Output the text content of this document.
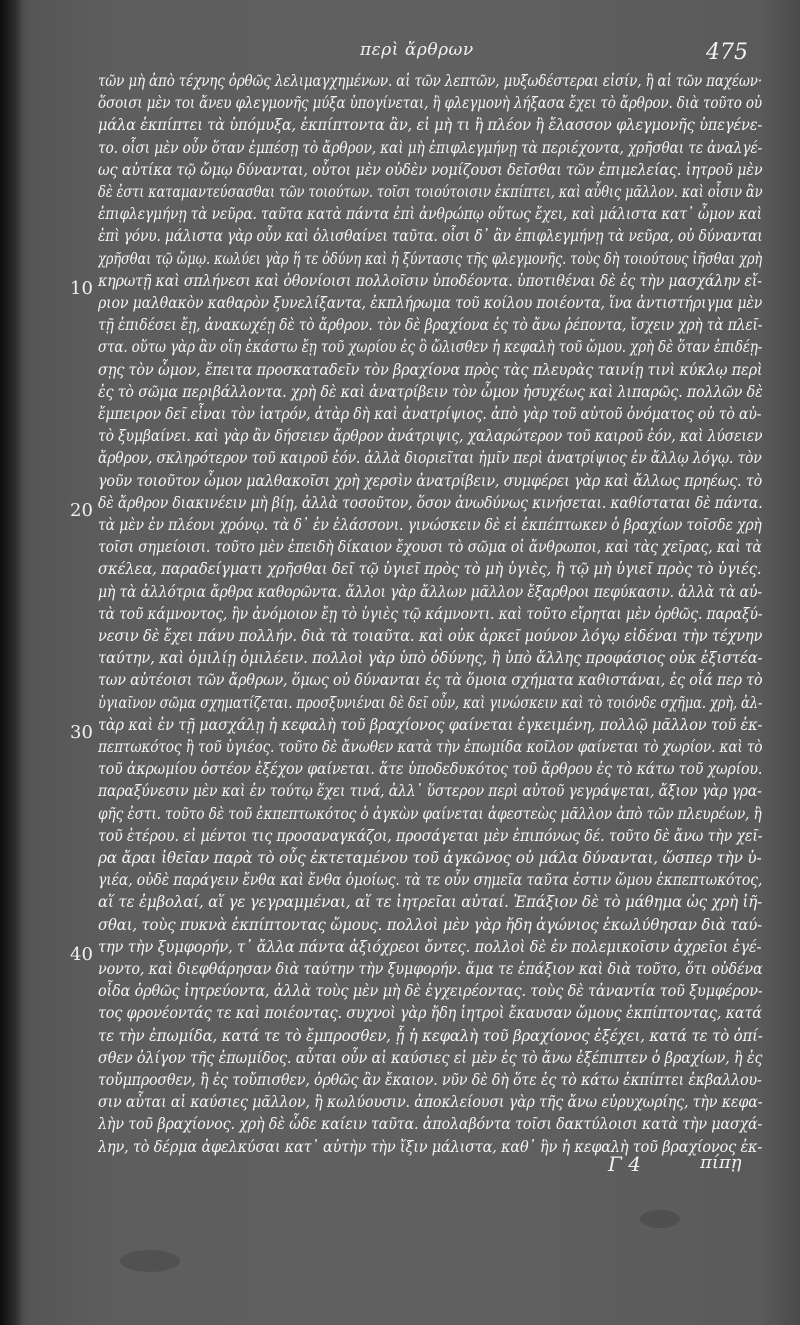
περὶ ἄρθρων	475
τῶν μὴ ἀπὸ τέχνης ὀρθῶς λελιμαγχημένων. αἱ τῶν λεπτῶν, μυξωδέστεραι εἰσίν, ἢ αἱ τῶν παχέων·
ὅσοισι μὲν τοι ἄνευ φλεγμονῆς μύξα ὑπογίνεται, ἢ φλεγμονὴ λήξασα ἔχει τὸ ἄρθρον. διὰ τοῦτο οὐ
μάλα ἐκπίπτει τὰ ὑπόμυξα, ἐκπίπτοντα ἂν, εἰ μὴ τι ἢ πλέον ἢ ἔλασσον φλεγμονῆς ὑπεγένε-
το. οἷσι μὲν οὖν ὅταν ἐμπέσῃ τὸ ἄρθρον, καὶ μὴ ἐπιφλεγμήνῃ τὰ περιέχοντα, χρῆσθαι τε ἀναλγέ-
ως αὐτίκα τῷ ὤμῳ δύνανται, οὗτοι μὲν οὐδὲν νομίζουσι δεῖσθαι τῶν ἐπιμελείας. ἰητροῦ μὲν
δὲ ἐστι καταμαντεύσασθαι τῶν τοιούτων. τοῖσι τοιούτοισιν ἐκπίπτει, καὶ αὖθις μᾶλλον. καὶ οἷσιν ἂν
ἐπιφλεγμήνῃ τὰ νεῦρα. ταῦτα κατὰ πάντα ἐπὶ ἀνθρώπῳ οὕτως ἔχει, καὶ μάλιστα κατ᾽ ὦμον καὶ
ἐπὶ γόνυ. μάλιστα γὰρ οὖν καὶ ὀλισθαίνει ταῦτα. οἷσι δ᾽ ἂν ἐπιφλεγμήνῃ τὰ νεῦρα, οὐ δύνανται
χρῆσθαι τῷ ὤμῳ. κωλύει γὰρ ἥ τε ὀδύνη καὶ ἡ ξύντασις τῆς φλεγμονῆς. τοὺς δὴ τοιούτους ἰῆσθαι χρὴ
κηρωτῇ καὶ σπλήνεσι καὶ ὀθονίοισι πολλοῖσιν ὑποδέοντα. ὑποτιθέναι δὲ ἐς τὴν μασχάλην εἴ-
ριον μαλθακὸν καθαρὸν ξυνελίξαντα, ἐκπλήρωμα τοῦ κοίλου ποιέοντα, ἵνα ἀντιστήριγμα μὲν
τῇ ἐπιδέσει ἔῃ, ἀνακωχέῃ δὲ τὸ ἄρθρον. τὸν δὲ βραχίονα ἐς τὸ ἄνω ῥέποντα, ἴσχειν χρὴ τὰ πλεῖ-
στα. οὕτω γὰρ ἂν οἵη ἑκάστω ἔῃ τοῦ χωρίου ἐς ὃ ὤλισθεν ἡ κεφαλὴ τοῦ ὤμου. χρὴ δὲ ὅταν ἐπιδέῃ-
σῃς τὸν ὦμον, ἔπειτα προσκαταδεῖν τὸν βραχίονα πρὸς τὰς πλευρὰς ταινίῃ τινὶ κύκλῳ περὶ
ἐς τὸ σῶμα περιβάλλοντα. χρὴ δὲ καὶ ἀνατρίβειν τὸν ὦμον ἡσυχέως καὶ λιπαρῶς. πολλῶν δὲ
ἔμπειρον δεῖ εἶναι τὸν ἰατρόν, ἀτὰρ δὴ καὶ ἀνατρίψιος. ἀπὸ γὰρ τοῦ αὐτοῦ ὀνόματος οὐ τὸ αὐ-
τὸ ξυμβαίνει. καὶ γὰρ ἂν δήσειεν ἄρθρον ἀνάτριψις, χαλαρώτερον τοῦ καιροῦ ἐόν, καὶ λύσειεν
ἄρθρον, σκληρότερον τοῦ καιροῦ ἐόν. ἀλλὰ διοριεῖται ἡμῖν περὶ ἀνατρίψιος ἐν ἄλλῳ λόγῳ. τὸν
γοῦν τοιοῦτον ὦμον μαλθακοῖσι χρὴ χερσὶν ἀνατρίβειν, συμφέρει γὰρ καὶ ἄλλως πρηέως. τὸ
δὲ ἄρθρον διακινέειν μὴ βίῃ, ἀλλὰ τοσοῦτον, ὅσον ἀνωδύνως κινήσεται. καθίσταται δὲ πάντα.
τὰ μὲν ἐν πλέονι χρόνῳ. τὰ δ᾽ ἐν ἐλάσσονι. γινώσκειν δὲ εἰ ἐκπέπτωκεν ὁ βραχίων τοῖσδε χρὴ
τοῖσι σημείοισι. τοῦτο μὲν ἐπειδὴ δίκαιον ἔχουσι τὸ σῶμα οἱ ἄνθρωποι, καὶ τὰς χεῖρας, καὶ τὰ
σκέλεα, παραδείγματι χρῆσθαι δεῖ τῷ ὑγιεῖ πρὸς τὸ μὴ ὑγιὲς, ἢ τῷ μὴ ὑγιεῖ πρὸς τὸ ὑγιές.
μὴ τὰ ἀλλότρια ἄρθρα καθορῶντα. ἄλλοι γὰρ ἄλλων μᾶλλον ἔξαρθροι πεφύκασιν. ἀλλὰ τὰ αὐ-
τὰ τοῦ κάμνοντος, ἢν ἀνόμοιον ἔῃ τὸ ὑγιὲς τῷ κάμνοντι. καὶ τοῦτο εἴρηται μὲν ὀρθῶς. παραξύ-
νεσιν δὲ ἔχει πάνυ πολλήν. διὰ τὰ τοιαῦτα. καὶ οὐκ ἀρκεῖ μούνον λόγῳ εἰδέναι τὴν τέχνην
ταύτην, καὶ ὁμιλίῃ ὁμιλέειν. πολλοὶ γὰρ ὑπὸ ὀδύνης, ἢ ὑπὸ ἄλλης προφάσιος οὐκ ἐξιστέα-
των αὐτέοισι τῶν ἄρθρων, ὅμως οὐ δύνανται ἐς τὰ ὅμοια σχήματα καθιστάναι, ἐς οἷά περ τὸ
ὑγιαῖνον σῶμα σχηματίζεται. προσξυνιέναι δὲ δεῖ οὖν, καὶ γινώσκειν καὶ τὸ τοιόνδε σχῆμα. χρὴ, ἀλ-
τὰρ καὶ ἐν τῇ μασχάλῃ ἡ κεφαλὴ τοῦ βραχίονος φαίνεται ἐγκειμένη, πολλῷ μᾶλλον τοῦ ἐκ-
πεπτωκότος ἢ τοῦ ὑγιέος. τοῦτο δὲ ἄνωθεν κατὰ τὴν ἐπωμίδα κοῖλον φαίνεται τὸ χωρίον. καὶ τὸ
τοῦ ἀκρωμίου ὀστέον ἐξέχον φαίνεται. ἅτε ὑποδεδυκότος τοῦ ἄρθρου ἐς τὸ κάτω τοῦ χωρίου.
παραξύνεσιν μὲν καὶ ἐν τούτῳ ἔχει τινά, ἀλλ᾽ ὕστερον περὶ αὐτοῦ γεγράψεται, ἄξιον γὰρ γρα-
φῆς ἐστι. τοῦτο δὲ τοῦ ἐκπεπτωκότος ὁ ἀγκὼν φαίνεται ἀφεστεὼς μᾶλλον ἀπὸ τῶν πλευρέων, ἢ
τοῦ ἑτέρου. εἰ μέντοι τις προσαναγκάζοι, προσάγεται μὲν ἐπιπόνως δέ. τοῦτο δὲ ἄνω τὴν χεῖ-
ρα ἄραι ἰθεῖαν παρὰ τὸ οὖς ἐκτεταμένου τοῦ ἀγκῶνος οὐ μάλα δύνανται, ὥσπερ τὴν ὑ-
γιέα, οὐδὲ παράγειν ἔνθα καὶ ἔνθα ὁμοίως. τὰ τε οὖν σημεῖα ταῦτα ἐστιν ὤμου ἐκπεπτωκότος,
αἵ τε ἐμβολαί, αἵ γε γεγραμμέναι, αἵ τε ἰητρεῖαι αὐταί. Ἐπάξιον δὲ τὸ μάθημα ὡς χρὴ ἰῆ-
σθαι, τοὺς πυκνὰ ἐκπίπτοντας ὤμους. πολλοὶ μὲν γὰρ ἤδη ἀγώνιος ἐκωλύθησαν διὰ ταύ-
την τὴν ξυμφορήν, τ᾽ ἄλλα πάντα ἀξιόχρεοι ὄντες. πολλοὶ δὲ ἐν πολεμικοῖσιν ἀχρεῖοι ἐγέ-
νοντο, καὶ διεφθάρησαν διὰ ταύτην τὴν ξυμφορήν. ἅμα τε ἐπάξιον καὶ διὰ τοῦτο, ὅτι οὐδένα
οἶδα ὀρθῶς ἰητρεύοντα, ἀλλὰ τοὺς μὲν μὴ δὲ ἐγχειρέοντας. τοὺς δὲ τἀναντία τοῦ ξυμφέρον-
τος φρονέοντάς τε καὶ ποιέοντας. συχνοὶ γὰρ ἤδη ἰητροὶ ἔκαυσαν ὤμους ἐκπίπτοντας, κατά
τε τὴν ἐπωμίδα, κατά τε τὸ ἔμπροσθεν, ᾗ ἡ κεφαλὴ τοῦ βραχίονος ἐξέχει, κατά τε τὸ ὀπί-
σθεν ὀλίγον τῆς ἐπωμίδος. αὗται οὖν αἱ καύσιες εἰ μὲν ἐς τὸ ἄνω ἐξέπιπτεν ὁ βραχίων, ἢ ἐς
τοὔμπροσθεν, ἢ ἐς τοὔπισθεν, ὀρθῶς ἂν ἔκαιον. νῦν δὲ δὴ ὅτε ἐς τὸ κάτω ἐκπίπτει ἐκβαλλου-
σιν αὗται αἱ καύσιες μᾶλλον, ἢ κωλύουσιν. ἀποκλείουσι γὰρ τῆς ἄνω εὐρυχωρίης, τὴν κεφα-
λὴν τοῦ βραχίονος. χρὴ δὲ ὧδε καίειν ταῦτα. ἀπολαβόντα τοῖσι δακτύλοισι κατὰ τὴν μασχά-
λην, τὸ δέρμα ἀφελκύσαι κατ᾽ αὐτὴν τὴν ἴξιν μάλιστα, καθ᾽ ἣν ἡ κεφαλὴ τοῦ βραχίονος ἐκ-
10
20
30
40
Γ 4	πίπῃ
